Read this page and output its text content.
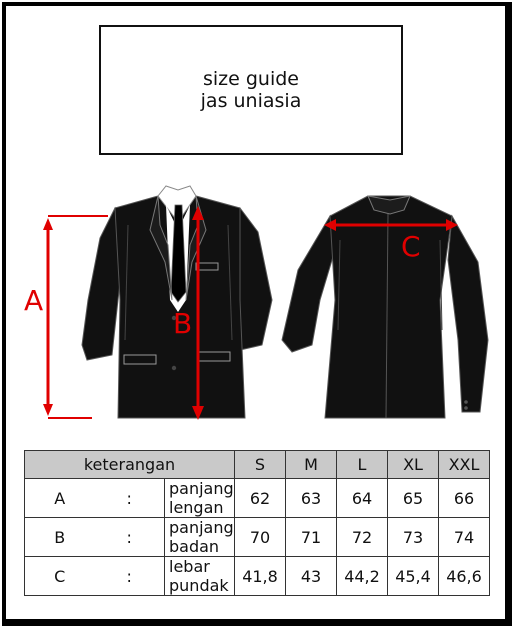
size guide
jas uniasia
A
B
C
keterangan			S	M	L	XL	XXL
A	:	panjang lengan	62	63	64	65	66
B	:	panjang badan	70	71	72	73	74
C	:	lebar pundak	41,8	43	44,2	45,4	46,6
